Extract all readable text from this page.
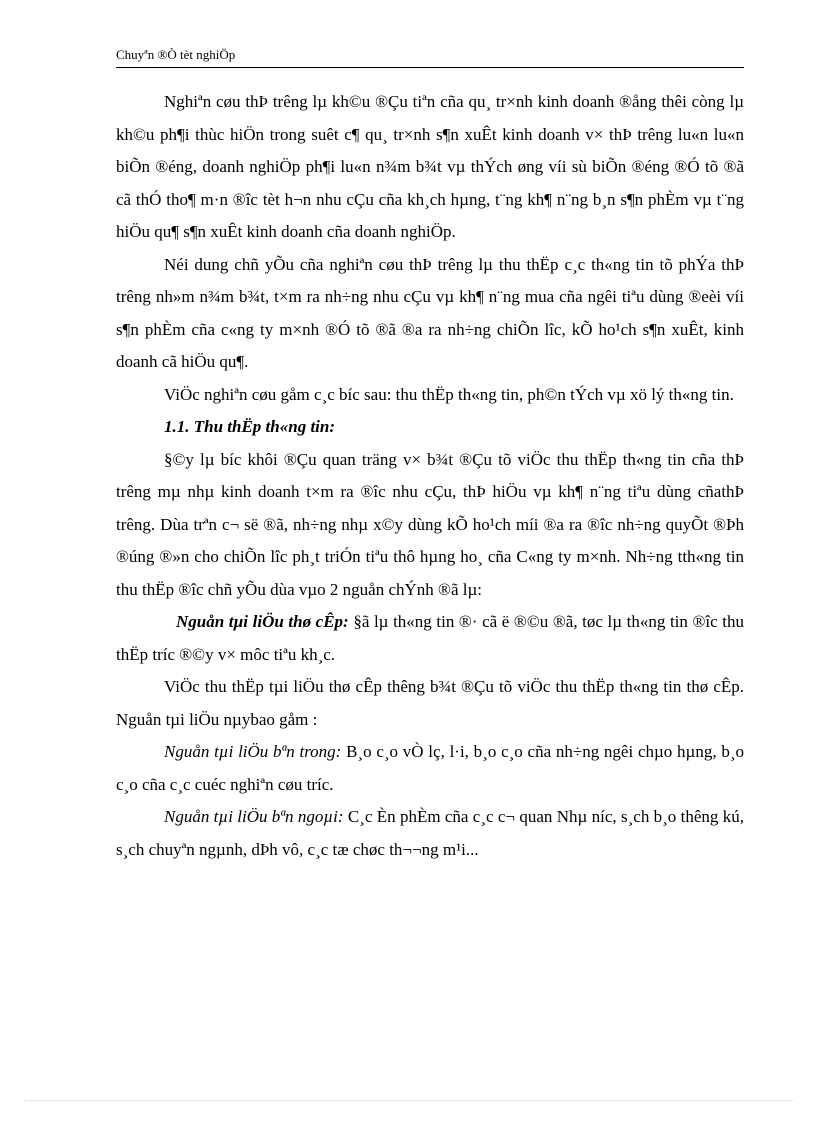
Chuyªn ®Ò tèt nghiÖp

Nghiªn cøu thÞ trêng lµ kh©u ®Çu tiªn cña qu¸ tr×nh kinh doanh ®ång thêi còng lµ kh©u ph¶i thùc hiÖn trong suêt c¶ qu¸ tr×nh s¶n xuÊt kinh doanh v× thÞ trêng lu«n lu«n biÕn ®éng, doanh nghiÖp ph¶i lu«n n¾m b¾t vµ thÝch øng víi sù biÕn ®éng ®Ó tõ ®ã cã thÓ tho¶ m·n ®îc tèt h¬n nhu cÇu cña kh¸ch hµng, t¨ng kh¶ n¨ng b¸n s¶n phÈm vµ t¨ng hiÖu qu¶ s¶n xuÊt kinh doanh cña doanh nghiÖp.

Néi dung chñ yÕu cña nghiªn cøu thÞ trêng lµ thu thËp c¸c th«ng tin tõ phÝa thÞ trêng nh»m n¾m b¾t, t×m ra nh÷ng nhu cÇu vµ kh¶ n¨ng mua cña ngêi tiªu dùng ®eèi víi s¶n phÈm cña c«ng ty m×nh ®Ó tõ ®ã ®a ra nh÷ng chiÕn lîc, kÕ ho¹ch s¶n xuÊt, kinh doanh cã hiÖu qu¶.

ViÖc nghiªn cøu gåm c¸c bíc sau: thu thËp th«ng tin, ph©n tÝch vµ xö lý th«ng tin.

1.1. Thu thËp th«ng tin:

§©y lµ bíc khôi ®Çu quan träng v× b¾t ®Çu tõ viÖc thu thËp th«ng tin cña thÞ trêng mµ nhµ kinh doanh t×m ra ®îc nhu cÇu, thÞ hiÖu vµ kh¶ n¨ng tiªu dùng cñathÞ trêng. Dùa trªn c¬ së ®ã, nh÷ng nhµ x©y dùng kÕ ho¹ch míi ®a ra ®îc nh÷ng quyÕt ®Þh ®úng ®»n cho chiÕn lîc ph¸t triÓn tiªu thô hµng ho¸ cña C«ng ty m×nh. Nh÷ng tth«ng tin thu thËp ®îc chñ yÕu dùa vµo 2 nguån chÝnh ®ã lµ:

Nguån tµi liÖu thø cÊp: §ã lµ th«ng tin ®· cã ë ®©u ®ã, tøc lµ th«ng tin ®îc thu thËp tríc ®©y v× môc tiªu kh¸c.

ViÖc thu thËp tµi liÖu thø cÊp thêng b¾t ®Çu tõ viÖc thu thËp th«ng tin thø cÊp. Nguån tµi liÖu nµybao gåm :

Nguån tµi liÖu bªn trong: B¸o c¸o vÒ lç, l·i, b¸o c¸o cña nh÷ng ngêi chµo hµng, b¸o c¸o cña c¸c cuéc nghiªn cøu tríc.

Nguån tµi liÖu bªn ngoµi: C¸c Èn phÈm cña c¸c c¬ quan Nhµ níc, s¸ch b¸o thêng kú, s¸ch chuyªn ngµnh, dÞh vô, c¸c tæ chøc th¬¬ng m¹i...
